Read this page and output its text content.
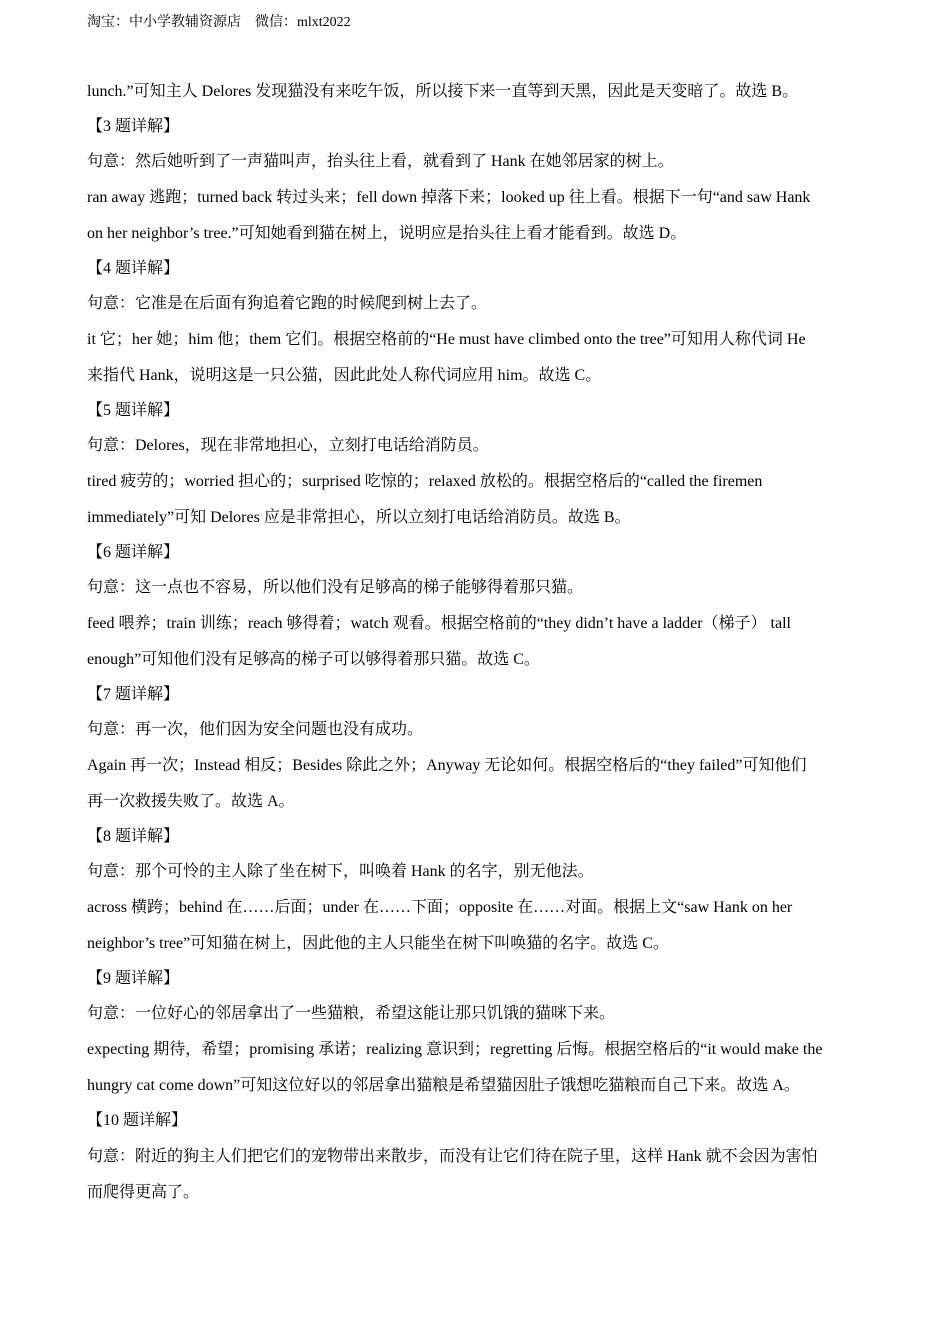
淘宝：中小学教辅资源店    微信：mlxt2022
lunch.”可知主人 Delores 发现猫没有来吃午饭，所以接下来一直等到天黑，因此是天变暗了。故选 B。
【3 题详解】
句意：然后她听到了一声猫叫声，抬头往上看，就看到了 Hank 在她邻居家的树上。
ran away 逃跑；turned back 转过头来；fell down 掉落下来；looked up 往上看。根据下一句“and saw Hank
on her neighbor’s tree.”可知她看到猫在树上，说明应是抬头往上看才能看到。故选 D。
【4 题详解】
句意：它准是在后面有狗追着它跑的时候爬到树上去了。
it 它；her 她；him 他；them 它们。根据空格前的“He must have climbed onto the tree”可知用人称代词 He
来指代 Hank，说明这是一只公猫，因此此处人称代词应用 him。故选 C。
【5 题详解】
句意：Delores，现在非常地担心，立刻打电话给消防员。
tired 疲劳的；worried 担心的；surprised 吃惊的；relaxed 放松的。根据空格后的“called the firemen
immediately”可知 Delores 应是非常担心，所以立刻打电话给消防员。故选 B。
【6 题详解】
句意：这一点也不容易，所以他们没有足够高的梯子能够得着那只猫。
feed 喂养；train 训练；reach 够得着；watch 观看。根据空格前的“they didn’t have a ladder（梯子） tall
enough”可知他们没有足够高的梯子可以够得着那只猫。故选 C。
【7 题详解】
句意：再一次，他们因为安全问题也没有成功。
Again 再一次；Instead 相反；Besides 除此之外；Anyway 无论如何。根据空格后的“they failed”可知他们
再一次救援失败了。故选 A。
【8 题详解】
句意：那个可怜的主人除了坐在树下，叫唤着 Hank 的名字，别无他法。
across 横跨；behind 在……后面；under 在……下面；opposite 在……对面。根据上文“saw Hank on her
neighbor’s tree”可知猫在树上，因此他的主人只能坐在树下叫唤猫的名字。故选 C。
【9 题详解】
句意：一位好心的邻居拿出了一些猫粮，希望这能让那只饥饿的猫咪下来。
expecting 期待，希望；promising 承诺；realizing 意识到；regretting 后悔。根据空格后的“it would make the
hungry cat come down”可知这位好以的邻居拿出猫粮是希望猫因肚子饿想吃猫粮而自己下来。故选 A。
【10 题详解】
句意：附近的狗主人们把它们的宠物带出来散步，而没有让它们待在院子里，这样 Hank 就不会因为害怕
而爬得更高了。
